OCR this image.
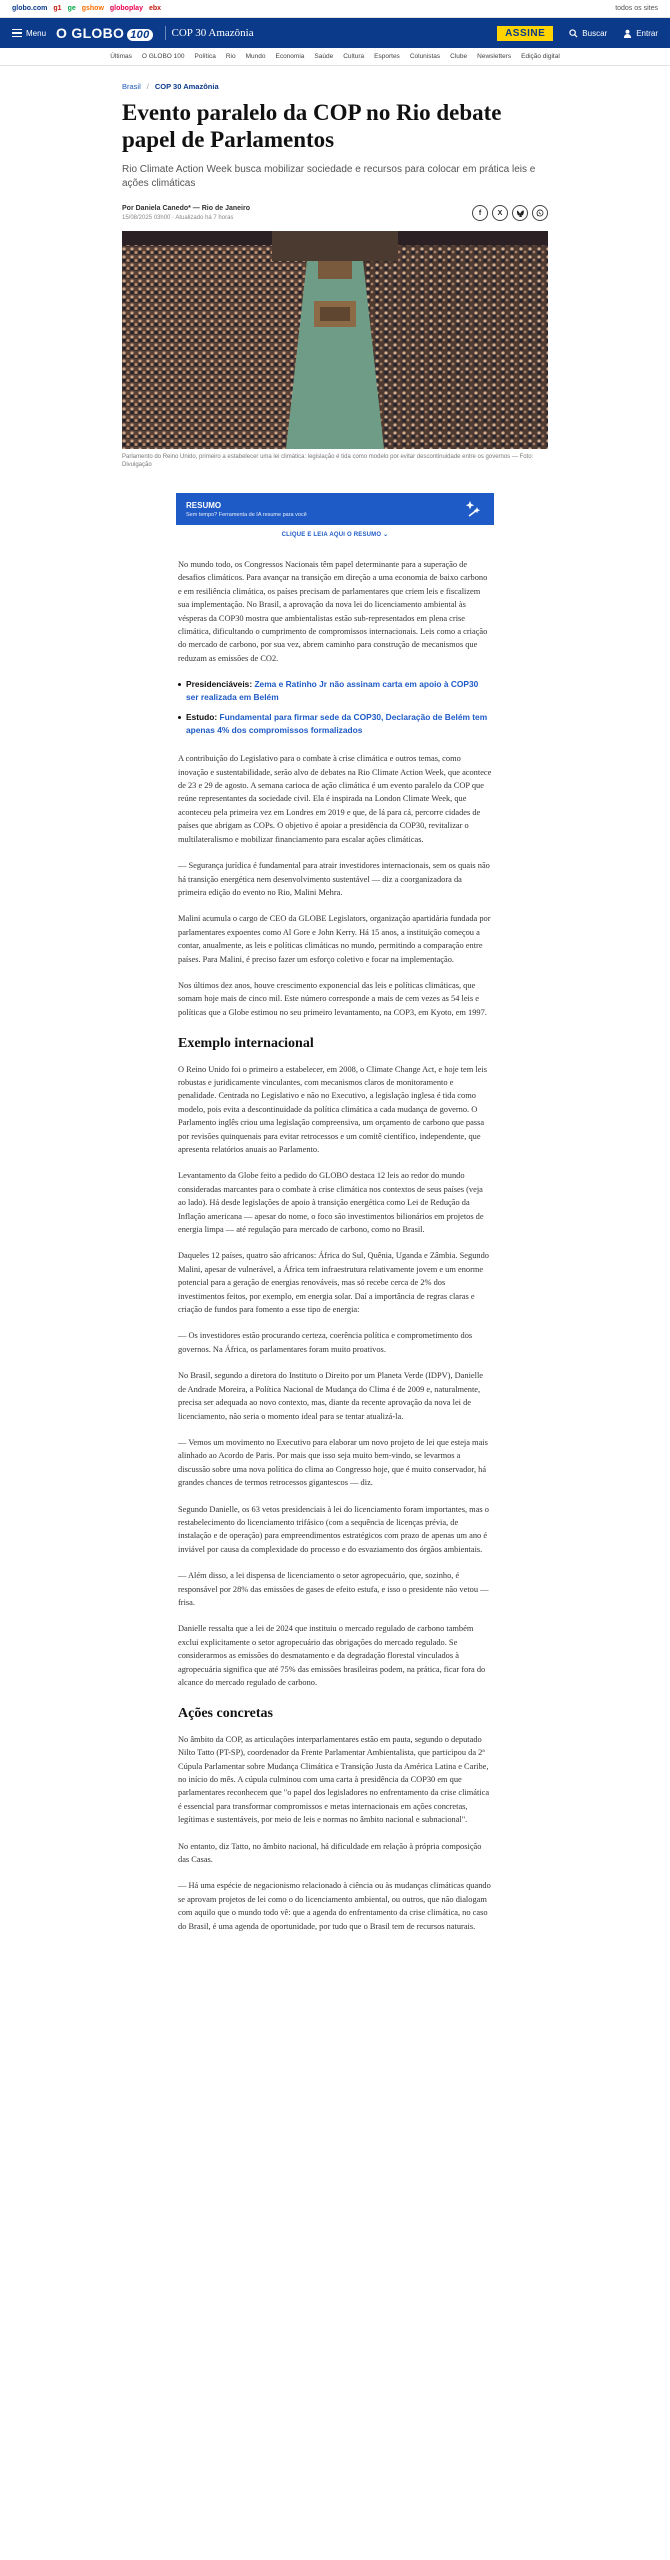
globo.com g1 ge gshow globoplay ebx	todos os sites
Menu O GLOBO 100 COP 30 Amazônia	ASSINE	Buscar	Entrar
Últimas	O GLOBO 100	Política	Rio	Mundo	Economia	Saúde	Cultura	Esportes	Colunistas	Clube	Newsletters	Edição digital
Brasil / COP 30 Amazônia
Evento paralelo da COP no Rio debate papel de Parlamentos

Rio Climate Action Week busca mobilizar sociedade e recursos para colocar em prática leis e ações climáticas

Por Daniela Canedo* — Rio de Janeiro
15/08/2025 03h00 · Atualizado há 7 horas
f	X

Parlamento do Reino Unido, primeiro a estabelecer uma lei climática: legislação é tida como modelo por evitar descontinuidade entre os governos — Foto: Divulgação

RESUMO
Sem tempo? Ferramenta de IA resume para você
CLIQUE E LEIA AQUI O RESUMO ⌄

No mundo todo, os Congressos Nacionais têm papel determinante para a superação de desafios climáticos. Para avançar na transição em direção a uma economia de baixo carbono e em resiliência climática, os países precisam de parlamentares que criem leis e fiscalizem sua implementação. No Brasil, a aprovação da nova lei do licenciamento ambiental às vésperas da COP30 mostra que ambientalistas estão sub-representados em plena crise climática, dificultando o cumprimento de compromissos internacionais. Leis como a criação do mercado de carbono, por sua vez, abrem caminho para construção de mecanismos que reduzam as emissões de CO2.

Presidenciáveis: Zema e Ratinho Jr não assinam carta em apoio à COP30 ser realizada em Belém
Estudo: Fundamental para firmar sede da COP30, Declaração de Belém tem apenas 4% dos compromissos formalizados

A contribuição do Legislativo para o combate à crise climática e outros temas, como inovação e sustentabilidade, serão alvo de debates na Rio Climate Action Week, que acontece de 23 e 29 de agosto. A semana carioca de ação climática é um evento paralelo da COP que reúne representantes da sociedade civil. Ela é inspirada na London Climate Week, que aconteceu pela primeira vez em Londres em 2019 e que, de lá para cá, percorre cidades de países que abrigam as COPs. O objetivo é apoiar a presidência da COP30, revitalizar o multilateralismo e mobilizar financiamento para escalar ações climáticas.

— Segurança jurídica é fundamental para atrair investidores internacionais, sem os quais não há transição energética nem desenvolvimento sustentável — diz a coorganizadora da primeira edição do evento no Rio, Malini Mehra.

Malini acumula o cargo de CEO da GLOBE Legislators, organização apartidária fundada por parlamentares expoentes como Al Gore e John Kerry. Há 15 anos, a instituição começou a contar, anualmente, as leis e políticas climáticas no mundo, permitindo a comparação entre países. Para Malini, é preciso fazer um esforço coletivo e focar na implementação.

Nos últimos dez anos, houve crescimento exponencial das leis e políticas climáticas, que somam hoje mais de cinco mil. Este número corresponde a mais de cem vezes as 54 leis e políticas que a Globe estimou no seu primeiro levantamento, na COP3, em Kyoto, em 1997.

Exemplo internacional

O Reino Unido foi o primeiro a estabelecer, em 2008, o Climate Change Act, e hoje tem leis robustas e juridicamente vinculantes, com mecanismos claros de monitoramento e penalidade. Centrada no Legislativo e não no Executivo, a legislação inglesa é tida como modelo, pois evita a descontinuidade da política climática a cada mudança de governo. O Parlamento inglês criou uma legislação compreensiva, um orçamento de carbono que passa por revisões quinquenais para evitar retrocessos e um comitê científico, independente, que apresenta relatórios anuais ao Parlamento.

Levantamento da Globe feito a pedido do GLOBO destaca 12 leis ao redor do mundo consideradas marcantes para o combate à crise climática nos contextos de seus países (veja ao lado). Há desde legislações de apoio à transição energética como Lei de Redução da Inflação americana — apesar do nome, o foco são investimentos bilionários em projetos de energia limpa — até regulação para mercado de carbono, como no Brasil.

Daqueles 12 países, quatro são africanos: África do Sul, Quênia, Uganda e Zâmbia. Segundo Malini, apesar de vulnerável, a África tem infraestrutura relativamente jovem e um enorme potencial para a geração de energias renováveis, mas só recebe cerca de 2% dos investimentos feitos, por exemplo, em energia solar. Daí a importância de regras claras e criação de fundos para fomento a esse tipo de energia:

— Os investidores estão procurando certeza, coerência política e comprometimento dos governos. Na África, os parlamentares foram muito proativos.

No Brasil, segundo a diretora do Instituto o Direito por um Planeta Verde (IDPV), Danielle de Andrade Moreira, a Política Nacional de Mudança do Clima é de 2009 e, naturalmente, precisa ser adequada ao novo contexto, mas, diante da recente aprovação da nova lei de licenciamento, não seria o momento ideal para se tentar atualizá-la.

— Vemos um movimento no Executivo para elaborar um novo projeto de lei que esteja mais alinhado ao Acordo de Paris. Por mais que isso seja muito bem-vindo, se levarmos a discussão sobre uma nova política do clima ao Congresso hoje, que é muito conservador, há grandes chances de termos retrocessos gigantescos — diz.

Segundo Danielle, os 63 vetos presidenciais à lei do licenciamento foram importantes, mas o restabelecimento do licenciamento trifásico (com a sequência de licenças prévia, de instalação e de operação) para empreendimentos estratégicos com prazo de apenas um ano é inviável por causa da complexidade do processo e do esvaziamento dos órgãos ambientais.

— Além disso, a lei dispensa de licenciamento o setor agropecuário, que, sozinho, é responsável por 28% das emissões de gases de efeito estufa, e isso o presidente não vetou — frisa.

Danielle ressalta que a lei de 2024 que instituiu o mercado regulado de carbono também exclui explicitamente o setor agropecuário das obrigações do mercado regulado. Se considerarmos as emissões do desmatamento e da degradação florestal vinculados à agropecuária significa que até 75% das emissões brasileiras podem, na prática, ficar fora do alcance do mercado regulado de carbono.

Ações concretas

No âmbito da COP, as articulações interparlamentares estão em pauta, segundo o deputado Nilto Tatto (PT-SP), coordenador da Frente Parlamentar Ambientalista, que participou da 2ª Cúpula Parlamentar sobre Mudança Climática e Transição Justa da América Latina e Caribe, no início do mês. A cúpula culminou com uma carta à presidência da COP30 em que parlamentares reconhecem que "o papel dos legisladores no enfrentamento da crise climática é essencial para transformar compromissos e metas internacionais em ações concretas, legítimas e sustentáveis, por meio de leis e normas no âmbito nacional e subnacional".

No entanto, diz Tatto, no âmbito nacional, há dificuldade em relação à própria composição das Casas.

— Há uma espécie de negacionismo relacionado à ciência ou às mudanças climáticas quando se aprovam projetos de lei como o do licenciamento ambiental, ou outros, que não dialogam com aquilo que o mundo todo vê: que a agenda do enfrentamento da crise climática, no caso do Brasil, é uma agenda de oportunidade, por tudo que o Brasil tem de recursos naturais.
